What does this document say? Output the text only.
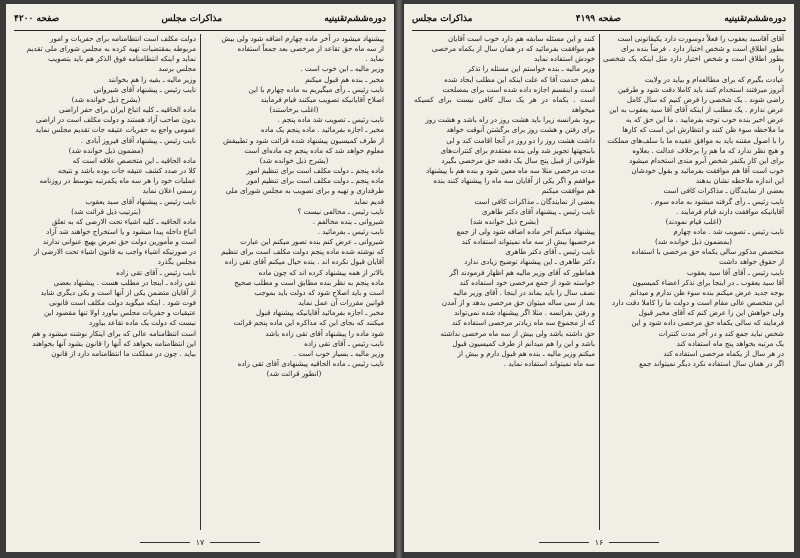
دوره‌ششم‌تقنینیه
مذاکرات مجلس
صفحه ۴۲۰۰

پیشنهاد میشود در آخر ماده چهارم اضافه شود ولی بیش

از سه ماه حق تقاعد از مرخصی بعد جمعاً استفاده

نماید .

وزیر مالیه ـ این خوب است .

مخبر ـ بنده هم قبول میکنم

نایب رئیس ـ رأی میگیریم به ماده چهارم با این

اصلاح آقایانیکه تصویب میکنند قیام فرمایند

(اغلب برخاستند)

نایب رئیس ـ تصویب شد ماده پنجم .

مخبر ـ اجازه بفرمائید . ماده پنجم یک ماده

از طرف کمیسیون پیشنهاد شده قرائت شود و تطبیقش

معلوم خواهد شد که ماده پنجم چه ماده‌ای است

(بشرح ذیل خوانده شد)

ماده پنجم ـ دولت مکلف است برای تنظیم امور

ماده پنجم ـ دولت مکلف است برای تنظیم امور

طرفداری و تهیه و برای تصویب به مجلس شورای ملی

قدیم نماید

نایب رئیس ـ مخالفی نیست ؟

شیروانی ـ بنده مخالفم .

نایب رئیس ـ بفرمائید .

شیروانی ـ عرض کنم بنده تصور میکنم این عبارت

که نوشته شده ماده پنجم دولت مکلف است برای تنظیم

آقایان قبول نکرده اند . بنده خیال میکنم آقای تقی زاده

بالاتر از همه پیشنهاد کرده اند که چون ماده

ماده پنجم به نظر بنده مطابق است و مطلب صحیح

است و باید اصلاح شود که دولت باید بموجب

قوانین مقررات آن عمل نماید

مخبر ـ اجازه بفرمائید آقایانیکه پیشنهاد قبول

میکنند که بجای این که مذاکره این ماده پنجم قرائت

شود ماده را پیشنهاد آقای تقی زاده باشد

نایب رئیس ـ آقای تقی زاده

وزیر مالیه ـ بسیار خوب است .

نایب رئیس ـ ماده الحاقیه پیشنهادی آقای تقی زاده

(انطور قرائت شد)

دولت مکلف است انتظامنامه برای حفریات و امور

مربوطه بمقتضیات تهیه کرده به مجلس شورای ملی تقدیم

نماید و اینکه انتظامنامه فوق الذکر هم باید بتصویب

مجلس برسد

وزیر مالیه ـ بقیه را هم بخوانند

نایب رئیس ـ پیشنهاد آقای شیروانی

(بشرح ذیل خوانده شد)

ماده الحاقیه ـ کلیه اتباع ایران برای حفر اراضی

بدون صاحب آزاد هستند و دولت مکلف است در اراضی

عمومی واجع به حفریات عتیقه جات تقدیم مجلس نماید

نایب رئیس ـ پیشنهاد آقای فیروز آبادی .

(مضمون ذیل خوانده شد)

ماده الحاقیه ـ این متخصص علاقه است که

کلا در صدد کشف عتیقه جات بوده باشد و نتیجه

عملیات خود را هر سه ماه یکمرتبه بتوسط در روزنامه

رسمی اعلان نماید

نایب رئیس ـ پیشنهاد آقای سید یعقوب

(بترتیب ذیل قرائت شد)

ماده الحاقیه ـ کلیه اشیاء تحت الارضی که به تعلق

اتباع داخله پیدا میشود و یا استخراج خواهند شد آزاد

است و مأمورین دولت حق تعرض بهیچ عنوانی ندارند

در صورتیکه اشیاء واجب به قانون اشیاء تحت الارضی از

مجلس بگذرد

نایب رئیس ـ آقای تقی زاده

تقی زاده ـ اینجا در مطلب هست . پیشنهاد بعضی

از آقایان متضمن یکی از آنها است و یکی دیگری شاید

فوت شود . اینکه میگوید دولت مکلف است قانونی

عتیقیات و حفریات مجلس بیاورد اولا تنها مقصود این

نیست که دولت یک ماده تقاعد بیاورد

است انتظامنامه عالی که برای اینکار نوشته میشود و هم

این انتظامنامه بخواهد که آنها را قانون بشود آنها بخواهند

بیاید . چون در مملکت ما انتظامنامه دارد از قانون

۱۷
دوره‌ششم‌تقنینیه
صفحه ۴۱۹۹
مذاکرات مجلس

آقای آقاسید یعقوب را فعلاً دوسورت دارد یکیقانونی است

بطور اطلاق است و شخص اختیار دارد . فرضاً بنده برای

بطور اطلاق است و شخص اختیار دارد مثل اینکه یک شخصی را

عیادت بگیرم که برای مطالعه‌ام و بیاید در ولایت

آنروز میرفتند استخدام کنند باید کاملا دقت شود و طرفین

راضی شوند . یک شخصی را فرض کنیم که سال کامل

عرض ندارم . یک مطلب از اینکه آقای آقا سید یعقوب به این

عرض اخیر بنده خوب توجه بفرمایید . ما این حق که به

ما ملاحظه سوء ظن کنند و انتظارش این است که کارها

را با اصول مقننه باید به موافق عقیده ما با سلف‌های مملکت

و هیچ نظر ندارد که ما هم را برخلاف عدالت . بعلاوه

برای این کار یکنفر شخص آبرو مندی استخدام میشود

خوب است آقا هم موافقت بفرمائید و بقول خودشان

این اندازه ملاحظه نشان بدهند

بعضی از نمایندگان ـ مذاکرات کافی است

نایب رئیس ـ رأی گرفته میشود به ماده سوم .

آقایانیکه موافقت دارند قیام فرمایند .

(اغلب قیام نمودند)

نایب رئیس ـ تصویب شد . ماده چهارم

(بمضمون ذیل خوانده شد)

متخصص مذکور سالی یکماه حق مرخصی با استفاده

از حقوق خواهد داشت

نایب رئیس ـ آقای آقا سید یعقوب

آقا سید یعقوب ـ در اینجا برای تذکر اعضاء کمیسیون

بوجه جدید عرض میکنم بنده سوء ظن ندارم و میدانم

این متخصص عالی مقام است و دولت ما را کاملا دقت دارد

ولی خواهش این را عرض کنم که آقای مخبر قبول

فرمایند که سالی یکماه حق مرخصی داده شود و این

شخص نباید جمع کند و در آخر مدت کنترات

یک مرتبه بخواهد پنج ماه استفاده کند

در هر سال از یکماه مرخصی استفاده کند

اگر در همان سال استفاده نکرد دیگر نمیتواند جمع

کنند و این مسئله سابقه هم دارد خوب است آقایان

هم موافقت بفرمائید که در همان سال از یکماه مرخصی

خودش استفاده نماید

وزیر مالیه ـ بنده خواستم این مسئله را تذکر

بدهم خدمت آقا که علت اینکه این مطلب ایجاد شده

است و اینقسم اجازه داده شده است برای بمصلحت

است . یکماه در هر یک سال کافی نیست برای کسیکه میخواهد

برود بفرانسه زیرا باید هشت روز در راه باشد و هشت روز

برای رفتن و هشت روز برای برگشتن آنوقت خواهد

داشت هشت روز را دو روز در آنجا اقامت کند و لی

بابنجهتها تجویز شد ولی بنده معتقدم برای کنترات‌های

طولانی از قبیل پنج سال یک دفعه حق مرخصی بگیرد

مدت مرخصی مثلا سه ماه معین شود و بنده هم با پیشنهاد

موافقم و اگر یکی از آقایان سه ماه را پیشنهاد کنند بنده

هم موافقت میکنم

بعضی از نمایندگان ـ مذاکرات کافی است

نایب رئیس ـ پیشنهاد آقای دکتر طاهری

(بشرح ذیل خوانده شد)

پیشنهاد میکنم آخر ماده اضافه شود ولی از جمع

مرخصیها بیش از سه ماه نمیتواند استفاده کند

نایب رئیس ـ آقای دکتر طاهری

دکتر طاهری ـ این پیشنهاد توضیح زیادی ندارد

هماطور که آقای وزیر مالیه هم اظهار فرمودند اگر

خواسته شود از جمع مرخصی خود استفاده کند

نصف سال را باید بماند در اینجا . آقای وزیر مالیه

بعد از سی ساله میتوان حق مرخصی بدهد و از آمدن

و رفتن بفرانسه . مثلا اگر پیشنهاد شده نمی‌تواند

که از مجموع سه ماه زیادتر مرخصی استفاده کند

حق داشته باشد ولی بیش از سه ماه مرخصی نداشته

باشد و این را هم میدانم از طرف کمیسیون قبول

میکنم وزیر مالیه ـ بنده هم قبول دارم و بیش از

سه ماه نمیتواند استفاده نماید .

۱۶
